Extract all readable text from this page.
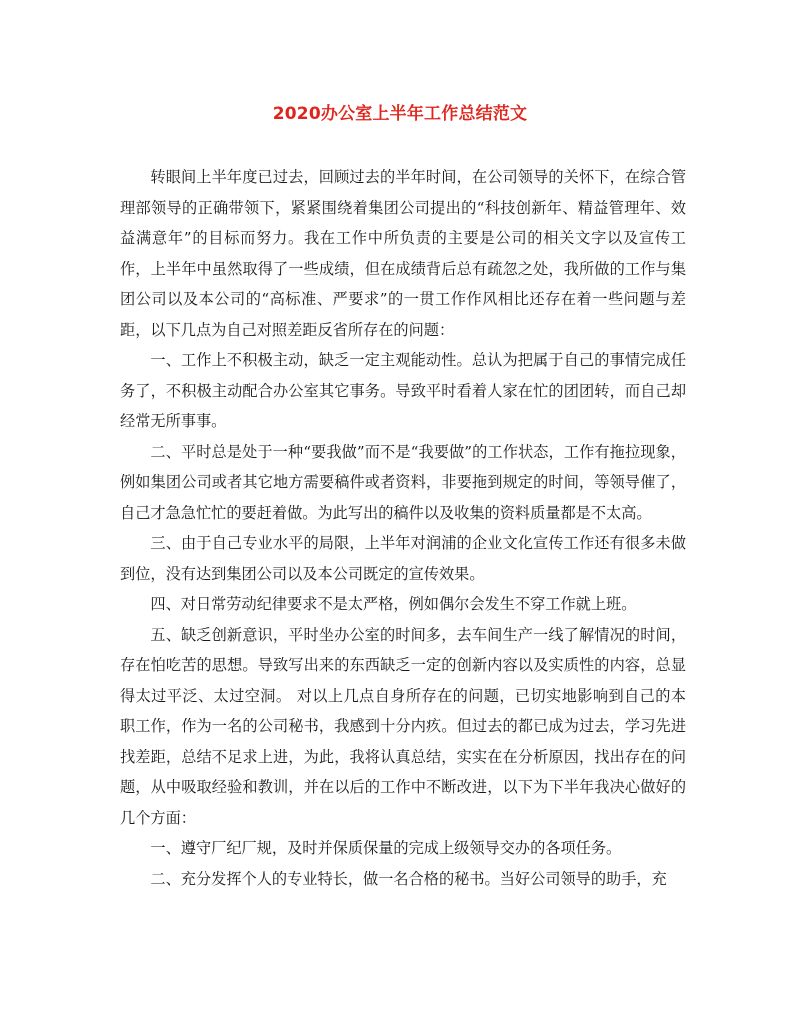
2020办公室上半年工作总结范文

转眼间上半年度已过去，回顾过去的半年时间，在公司领导的关怀下，在综合管理部领导的正确带领下，紧紧围绕着集团公司提出的“科技创新年、精益管理年、效益满意年”的目标而努力。我在工作中所负责的主要是公司的相关文字以及宣传工作，上半年中虽然取得了一些成绩，但在成绩背后总有疏忽之处，我所做的工作与集团公司以及本公司的“高标准、严要求”的一贯工作作风相比还存在着一些问题与差距，以下几点为自己对照差距反省所存在的问题：

一、工作上不积极主动，缺乏一定主观能动性。总认为把属于自己的事情完成任务了，不积极主动配合办公室其它事务。导致平时看着人家在忙的团团转，而自己却经常无所事事。

二、平时总是处于一种“要我做”而不是“我要做”的工作状态，工作有拖拉现象，例如集团公司或者其它地方需要稿件或者资料，非要拖到规定的时间，等领导催了，自己才急急忙忙的要赶着做。为此写出的稿件以及收集的资料质量都是不太高。

三、由于自己专业水平的局限，上半年对润浦的企业文化宣传工作还有很多未做到位，没有达到集团公司以及本公司既定的宣传效果。

四、对日常劳动纪律要求不是太严格，例如偶尔会发生不穿工作就上班。

五、缺乏创新意识，平时坐办公室的时间多，去车间生产一线了解情况的时间，存在怕吃苦的思想。导致写出来的东西缺乏一定的创新内容以及实质性的内容，总显得太过平泛、太过空洞。 对以上几点自身所存在的问题，已切实地影响到自己的本职工作，作为一名的公司秘书，我感到十分内疚。但过去的都已成为过去，学习先进找差距，总结不足求上进，为此，我将认真总结，实实在在分析原因，找出存在的问题，从中吸取经验和教训，并在以后的工作中不断改进，以下为下半年我决心做好的几个方面：

一、遵守厂纪厂规，及时并保质保量的完成上级领导交办的各项任务。

二、充分发挥个人的专业特长，做一名合格的秘书。当好公司领导的助手，充
